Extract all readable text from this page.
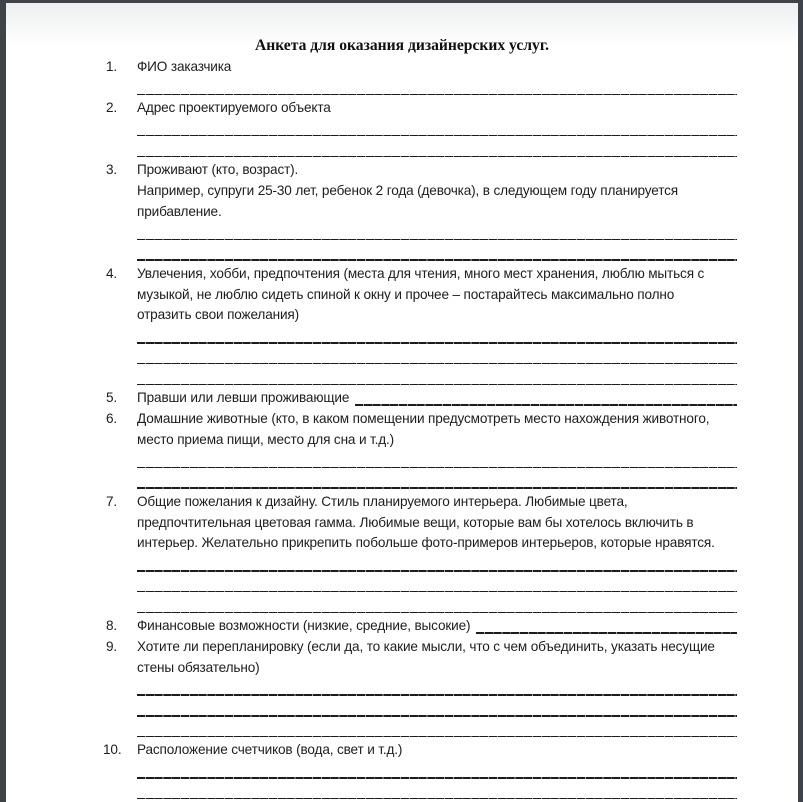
Анкета для оказания дизайнерских услуг.
1. ФИО заказчика
2. Адрес проектируемого объекта
3. Проживают (кто, возраст).
Например, супруги 25-30 лет, ребенок 2 года (девочка), в следующем году планируется
прибавление.
4. Увлечения, хобби, предпочтения (места для чтения, много мест хранения, люблю мыться с
музыкой, не люблю сидеть спиной к окну и прочее – постарайтесь максимально полно
отразить свои пожелания)
5. Правши или левши проживающие
6. Домашние животные (кто, в каком помещении предусмотреть место нахождения животного,
место приема пищи, место для сна и т.д.)
7. Общие пожелания к дизайну. Стиль планируемого интерьера. Любимые цвета,
предпочтительная цветовая гамма. Любимые вещи, которые вам бы хотелось включить в
интерьер. Желательно прикрепить побольше фото-примеров интерьеров, которые нравятся.
8. Финансовые возможности (низкие, средние, высокие)
9. Хотите ли перепланировку (если да, то какие мысли, что с чем объединить, указать несущие
стены обязательно)
10. Расположение счетчиков (вода, свет и т.д.)
